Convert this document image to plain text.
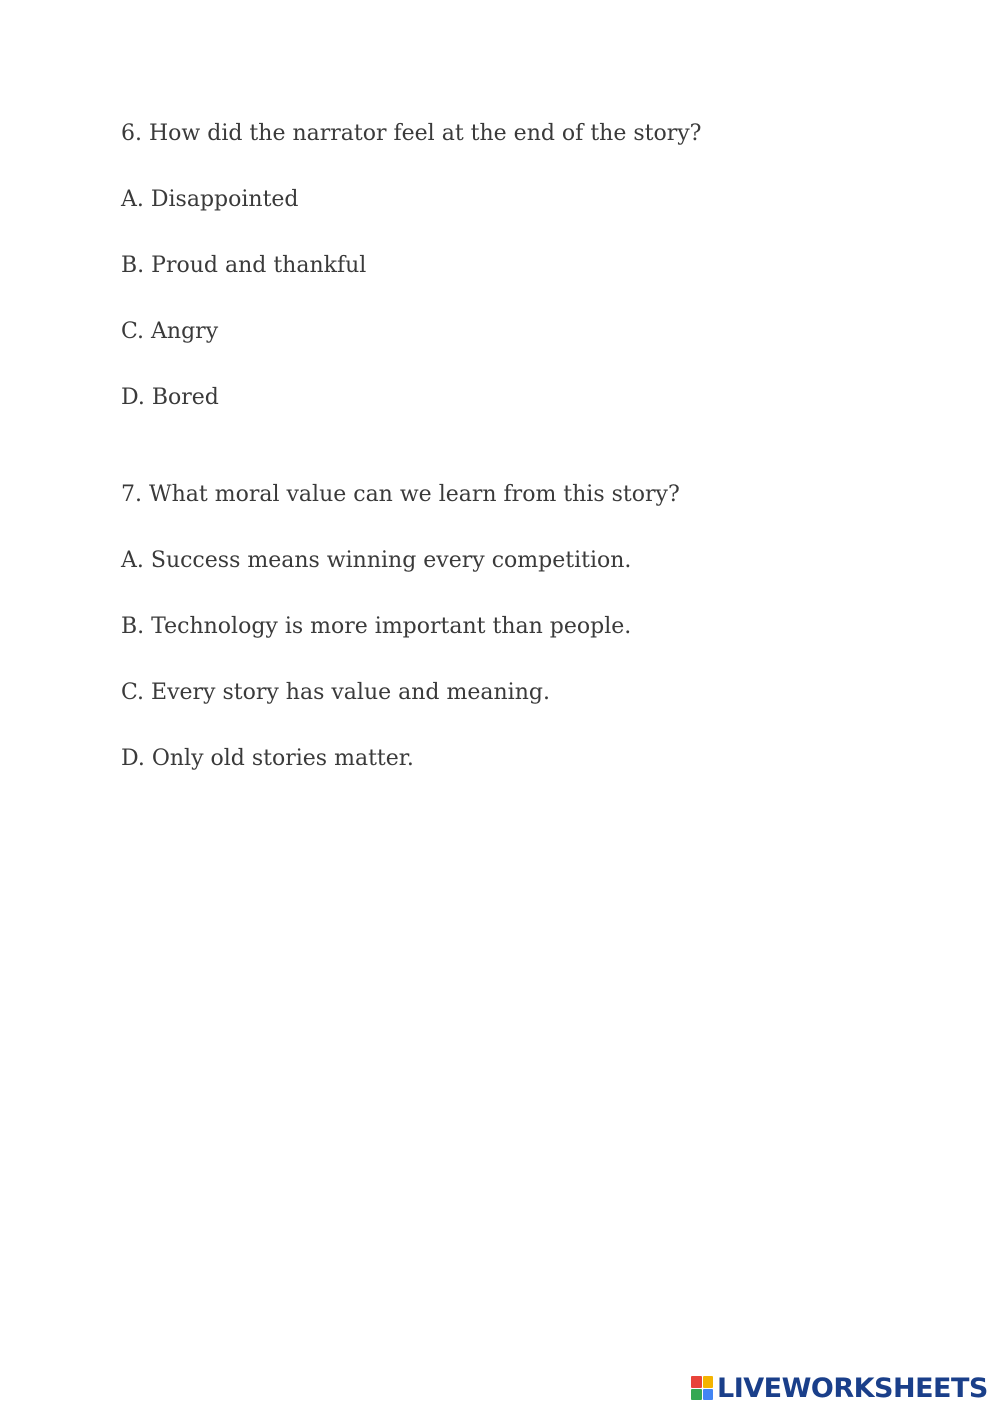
6. How did the narrator feel at the end of the story?
A. Disappointed
B. Proud and thankful
C. Angry
D. Bored
7. What moral value can we learn from this story?
A. Success means winning every competition.
B. Technology is more important than people.
C. Every story has value and meaning.
D. Only old stories matter.
LIVEWORKSHEETS
